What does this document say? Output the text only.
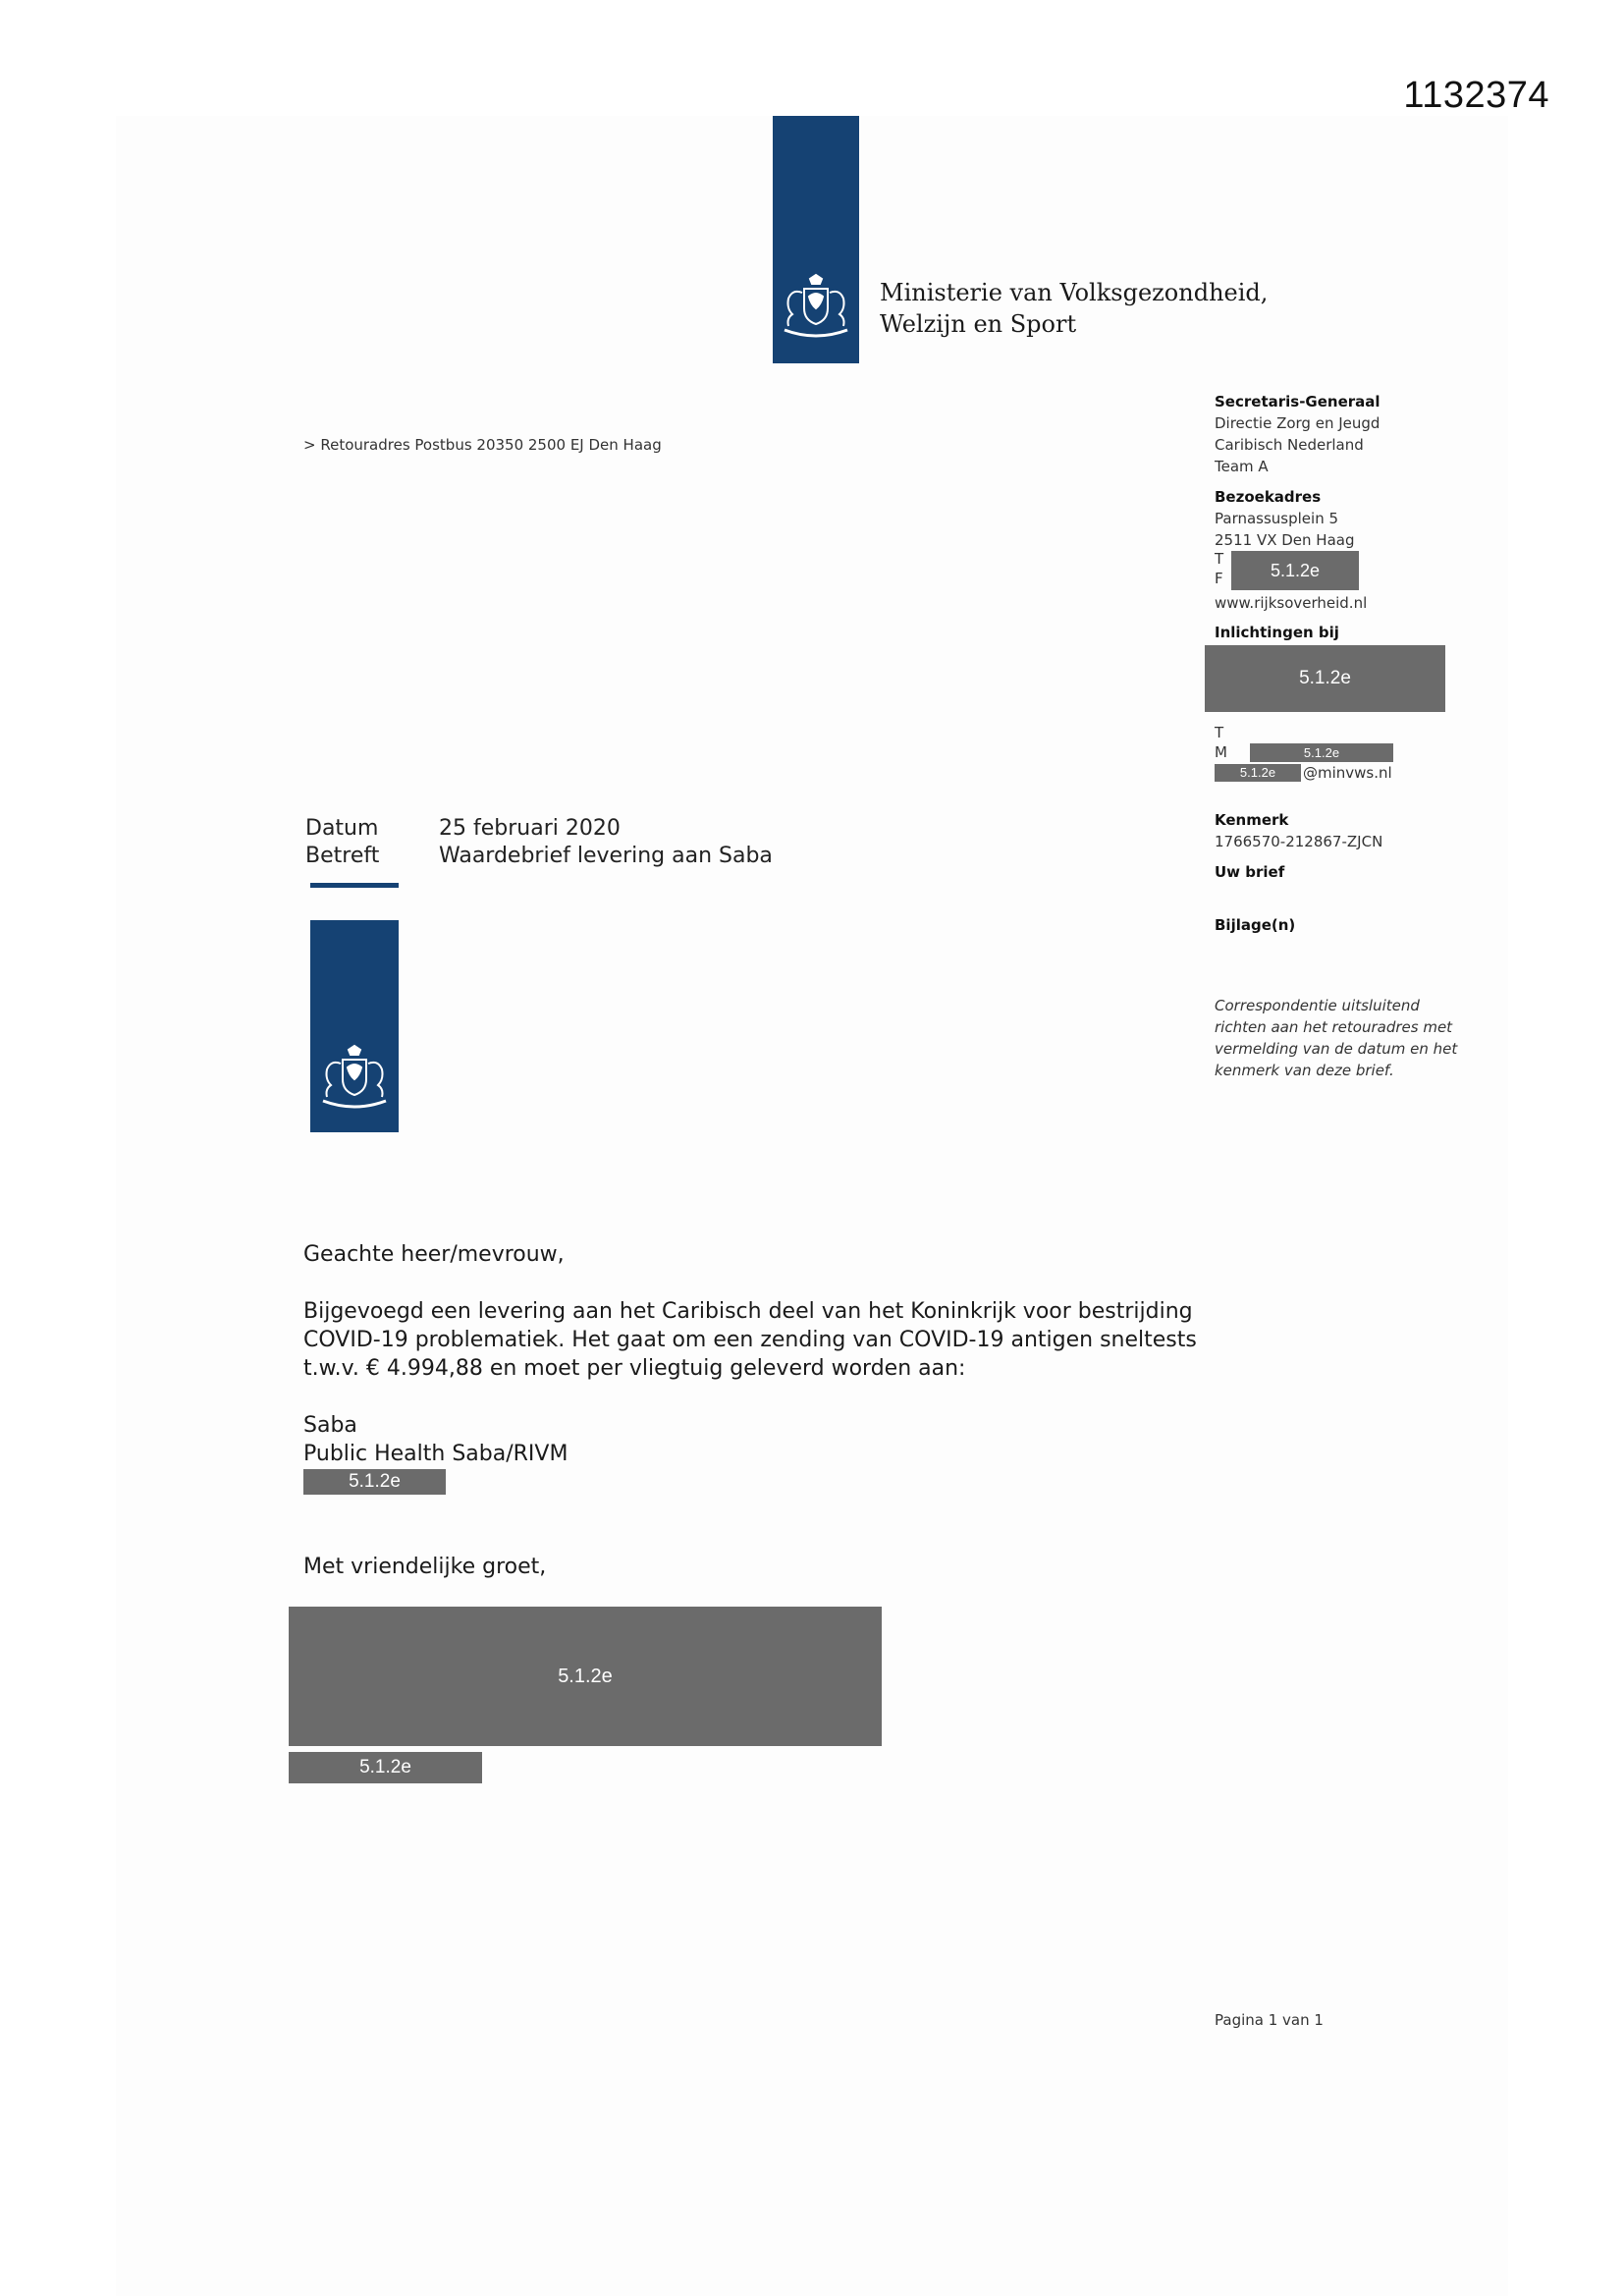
1132374
Ministerie van Volksgezondheid,
Welzijn en Sport
> Retouradres Postbus 20350 2500 EJ Den Haag
Secretaris-Generaal
Directie Zorg en Jeugd
Caribisch Nederland
Team A
Bezoekadres
Parnassusplein 5
2511 VX Den Haag
T
F	5.1.2e
www.rijksoverheid.nl
Inlichtingen bij
5.1.2e
T
M	5.1.2e
5.1.2e	@minvws.nl
Kenmerk
1766570-212867-ZJCN
Uw brief
Bijlage(n)
Correspondentie uitsluitend richten aan het retouradres met vermelding van de datum en het kenmerk van deze brief.
Datum	25 februari 2020
Betreft	Waardebrief levering aan Saba
Geachte heer/mevrouw,
Bijgevoegd een levering aan het Caribisch deel van het Koninkrijk voor bestrijding
COVID-19 problematiek. Het gaat om een zending van COVID-19 antigen sneltests
t.w.v. € 4.994,88 en moet per vliegtuig geleverd worden aan:
Saba
Public Health Saba/RIVM
5.1.2e
Met vriendelijke groet,
5.1.2e
5.1.2e
Pagina 1 van 1
